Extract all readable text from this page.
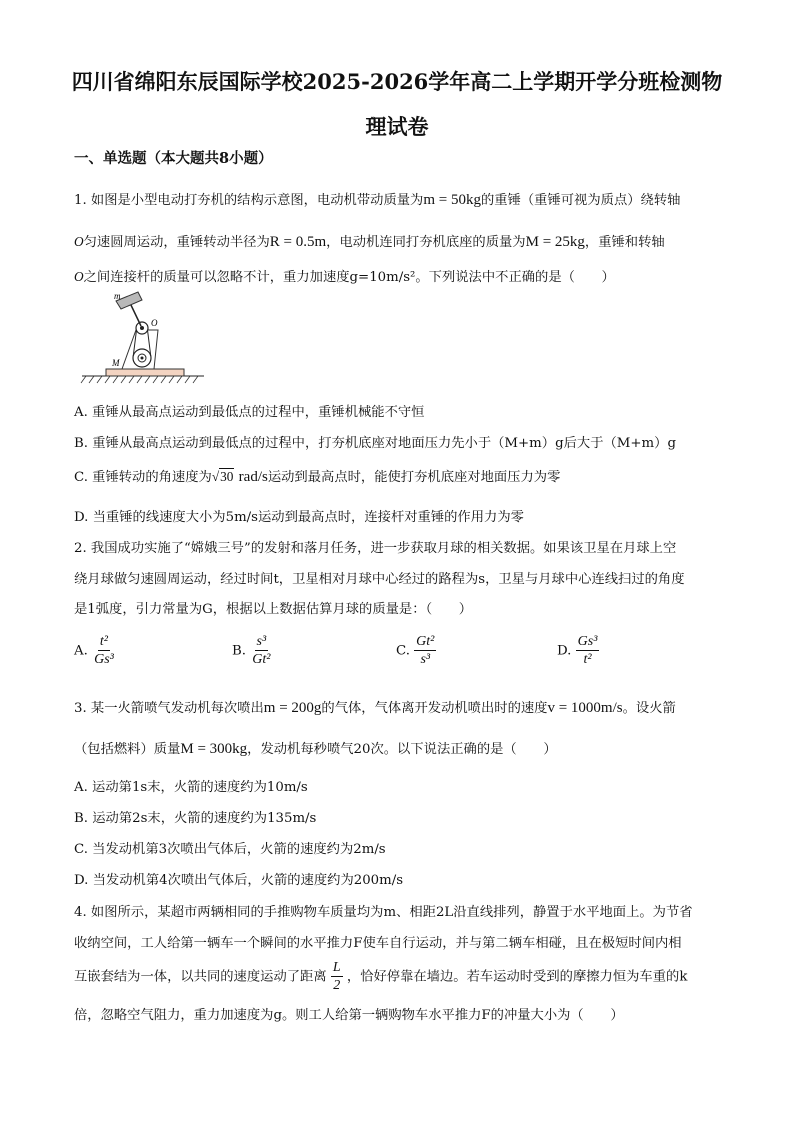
四川省绵阳东辰国际学校2025-2026学年高二上学期开学分班检测物
理试卷
一、单选题（本大题共8小题）
1. 如图是小型电动打夯机的结构示意图，电动机带动质量为m = 50kg的重锤（重锤可视为质点）绕转轴
O匀速圆周运动，重锤转动半径为R = 0.5m，电动机连同打夯机底座的质量为M = 25kg，重锤和转轴
O之间连接杆的质量可以忽略不计，重力加速度g=10m/s²。下列说法中不正确的是（　　）
m
O
M
A. 重锤从最高点运动到最低点的过程中，重锤机械能不守恒
B. 重锤从最高点运动到最低点的过程中，打夯机底座对地面压力先小于（M+m）g后大于（M+m）g
C. 重锤转动的角速度为√30 rad/s运动到最高点时，能使打夯机底座对地面压力为零
D. 当重锤的线速度大小为5m/s运动到最高点时，连接杆对重锤的作用力为零
2. 我国成功实施了“嫦娥三号”的发射和落月任务，进一步获取月球的相关数据。如果该卫星在月球上空
绕月球做匀速圆周运动，经过时间t，卫星相对月球中心经过的路程为s，卫星与月球中心连线扫过的角度
是1弧度，引力常量为G，根据以上数据估算月球的质量是：（　　）
A. $\frac{\text{t²}}{\text{Gs³}}$	B. $\frac{\text{s³}}{\text{Gt²}}$	C. $\frac{\text{Gt²}}{\text{s³}}$	D. $\frac{\text{Gs³}}{\text{t²}}$
3. 某一火箭喷气发动机每次喷出m = 200g的气体，气体离开发动机喷出时的速度v = 1000m/s。设火箭
（包括燃料）质量M = 300kg，发动机每秒喷气20次。以下说法正确的是（　　）
A. 运动第1s末，火箭的速度约为10m/s
B. 运动第2s末，火箭的速度约为135m/s
C. 当发动机第3次喷出气体后，火箭的速度约为2m/s
D. 当发动机第4次喷出气体后，火箭的速度约为200m/s
4. 如图所示，某超市两辆相同的手推购物车质量均为m、相距2L沿直线排列，静置于水平地面上。为节省
收纳空间，工人给第一辆车一个瞬间的水平推力F使车自行运动，并与第二辆车相碰，且在极短时间内相
互嵌套结为一体，以共同的速度运动了距离 $\frac{L}{2}$ ，恰好停靠在墙边。若车运动时受到的摩擦力恒为车重的k
倍，忽略空气阻力，重力加速度为g。则工人给第一辆购物车水平推力F的冲量大小为（　　）
